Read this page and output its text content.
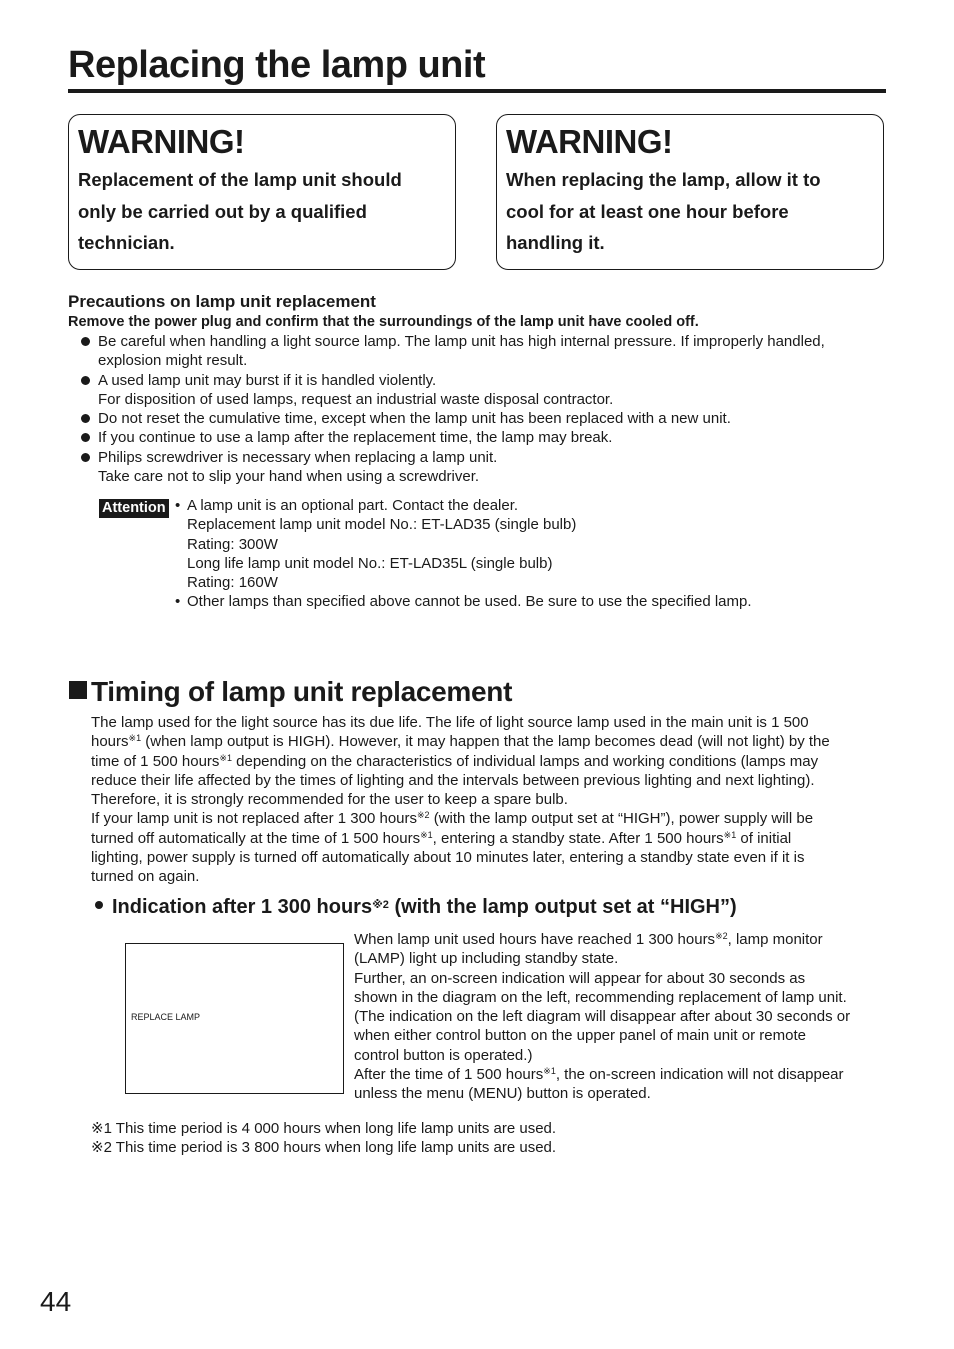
Replacing the lamp unit
WARNING!
Replacement of the lamp unit should
only be carried out by a qualified
technician.
WARNING!
When replacing the lamp, allow it to
cool for at least one hour before
handling it.
Precautions on lamp unit replacement
Remove the power plug and confirm that the surroundings of the lamp unit have cooled off.
Be careful when handling a light source lamp. The lamp unit has high internal pressure. If improperly handled,
explosion might result.
A used lamp unit may burst if it is handled violently.
For disposition of used lamps, request an industrial waste disposal contractor.
Do not reset the cumulative time, except when the lamp unit has been replaced with a new unit.
If you continue to use a lamp after the replacement time, the lamp may break.
Philips screwdriver is necessary when replacing a lamp unit.
Take care not to slip your hand when using a screwdriver.
Attention • A lamp unit is an optional part. Contact the dealer.
Replacement lamp unit model No.: ET-LAD35 (single bulb)
Rating: 300W
Long life lamp unit model No.: ET-LAD35L (single bulb)
Rating: 160W
• Other lamps than specified above cannot be used. Be sure to use the specified lamp.
Timing of lamp unit replacement
The lamp used for the light source has its due life. The life of light source lamp used in the main unit is 1 500
hours$^{※1}$ (when lamp output is HIGH). However, it may happen that the lamp becomes dead (will not light) by the
time of 1 500 hours$^{※1}$ depending on the characteristics of individual lamps and working conditions (lamps may
reduce their life affected by the times of lighting and the intervals between previous lighting and next lighting).
Therefore, it is strongly recommended for the user to keep a spare bulb.
If your lamp unit is not replaced after 1 300 hours$^{※2}$ (with the lamp output set at “HIGH”), power supply will be
turned off automatically at the time of 1 500 hours$^{※1}$, entering a standby state. After 1 500 hours$^{※1}$ of initial
lighting, power supply is turned off automatically about 10 minutes later, entering a standby state even if it is
turned on again.
Indication after 1 300 hours$^{※2}$ (with the lamp output set at “HIGH”)
REPLACE LAMP
When lamp unit used hours have reached 1 300 hours$^{※2}$, lamp monitor
(LAMP) light up including standby state.
Further, an on-screen indication will appear for about 30 seconds as
shown in the diagram on the left, recommending replacement of lamp unit.
(The indication on the left diagram will disappear after about 30 seconds or
when either control button on the upper panel of main unit or remote
control button is operated.)
After the time of 1 500 hours$^{※1}$, the on-screen indication will not disappear
unless the menu (MENU) button is operated.
※1 This time period is 4 000 hours when long life lamp units are used.
※2 This time period is 3 800 hours when long life lamp units are used.
44
